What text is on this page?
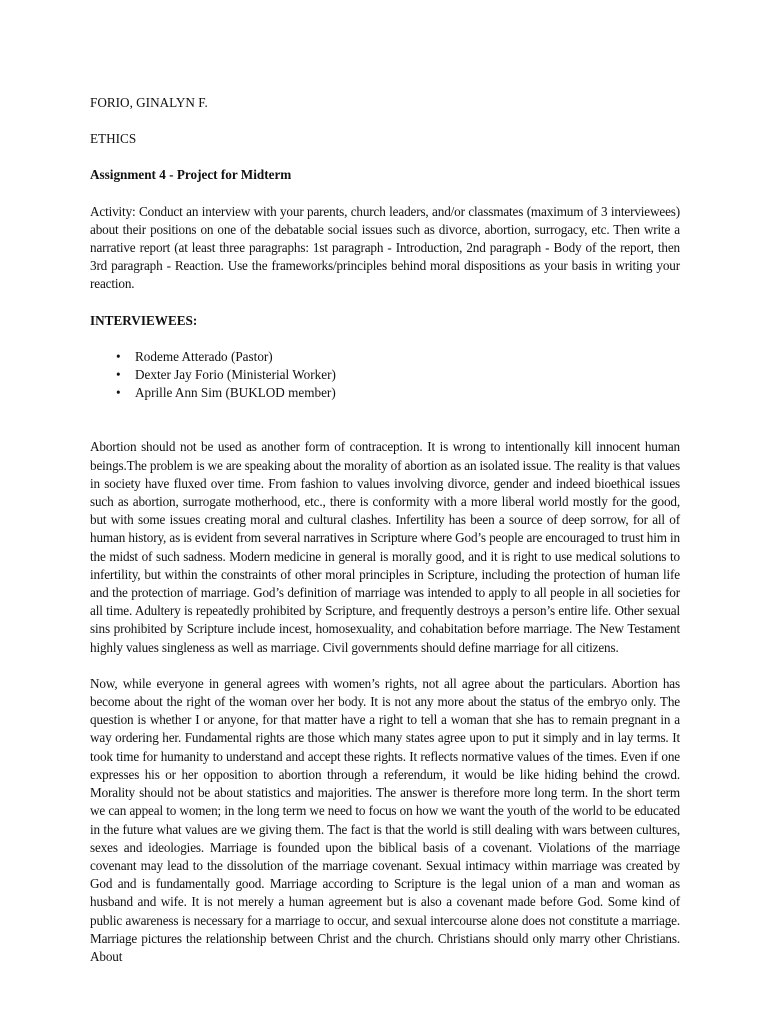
FORIO, GINALYN F.

ETHICS

Assignment 4 - Project for Midterm

Activity: Conduct an interview with your parents, church leaders, and/or classmates (maximum of 3 interviewees) about their positions on one of the debatable social issues such as divorce, abortion, surrogacy, etc. Then write a narrative report (at least three paragraphs: 1st paragraph - Introduction, 2nd paragraph - Body of the report, then 3rd paragraph - Reaction. Use the frameworks/principles behind moral dispositions as your basis in writing your reaction.

INTERVIEWEES:

• Rodeme Atterado (Pastor)
• Dexter Jay Forio (Ministerial Worker)
• Aprille Ann Sim (BUKLOD member)

Abortion should not be used as another form of contraception. It is wrong to intentionally kill innocent human beings.The problem is we are speaking about the morality of abortion as an isolated issue. The reality is that values in society have fluxed over time. From fashion to values involving divorce, gender and indeed bioethical issues such as abortion, surrogate motherhood, etc., there is conformity with a more liberal world mostly for the good, but with some issues creating moral and cultural clashes. Infertility has been a source of deep sorrow, for all of human history, as is evident from several narratives in Scripture where God’s people are encouraged to trust him in the midst of such sadness. Modern medicine in general is morally good, and it is right to use medical solutions to infertility, but within the constraints of other moral principles in Scripture, including the protection of human life and the protection of marriage. God’s definition of marriage was intended to apply to all people in all societies for all time. Adultery is repeatedly prohibited by Scripture, and frequently destroys a person’s entire life. Other sexual sins prohibited by Scripture include incest, homosexuality, and cohabitation before marriage. The New Testament highly values singleness as well as marriage. Civil governments should define marriage for all citizens.

Now, while everyone in general agrees with women’s rights, not all agree about the particulars. Abortion has become about the right of the woman over her body. It is not any more about the status of the embryo only. The question is whether I or anyone, for that matter have a right to tell a woman that she has to remain pregnant in a way ordering her. Fundamental rights are those which many states agree upon to put it simply and in lay terms. It took time for humanity to understand and accept these rights. It reflects normative values of the times. Even if one expresses his or her opposition to abortion through a referendum, it would be like hiding behind the crowd. Morality should not be about statistics and majorities. The answer is therefore more long term. In the short term we can appeal to women; in the long term we need to focus on how we want the youth of the world to be educated in the future what values are we giving them. The fact is that the world is still dealing with wars between cultures, sexes and ideologies. Marriage is founded upon the biblical basis of a covenant. Violations of the marriage covenant may lead to the dissolution of the marriage covenant. Sexual intimacy within marriage was created by God and is fundamentally good. Marriage according to Scripture is the legal union of a man and woman as husband and wife. It is not merely a human agreement but is also a covenant made before God. Some kind of public awareness is necessary for a marriage to occur, and sexual intercourse alone does not constitute a marriage. Marriage pictures the relationship between Christ and the church. Christians should only marry other Christians. About
